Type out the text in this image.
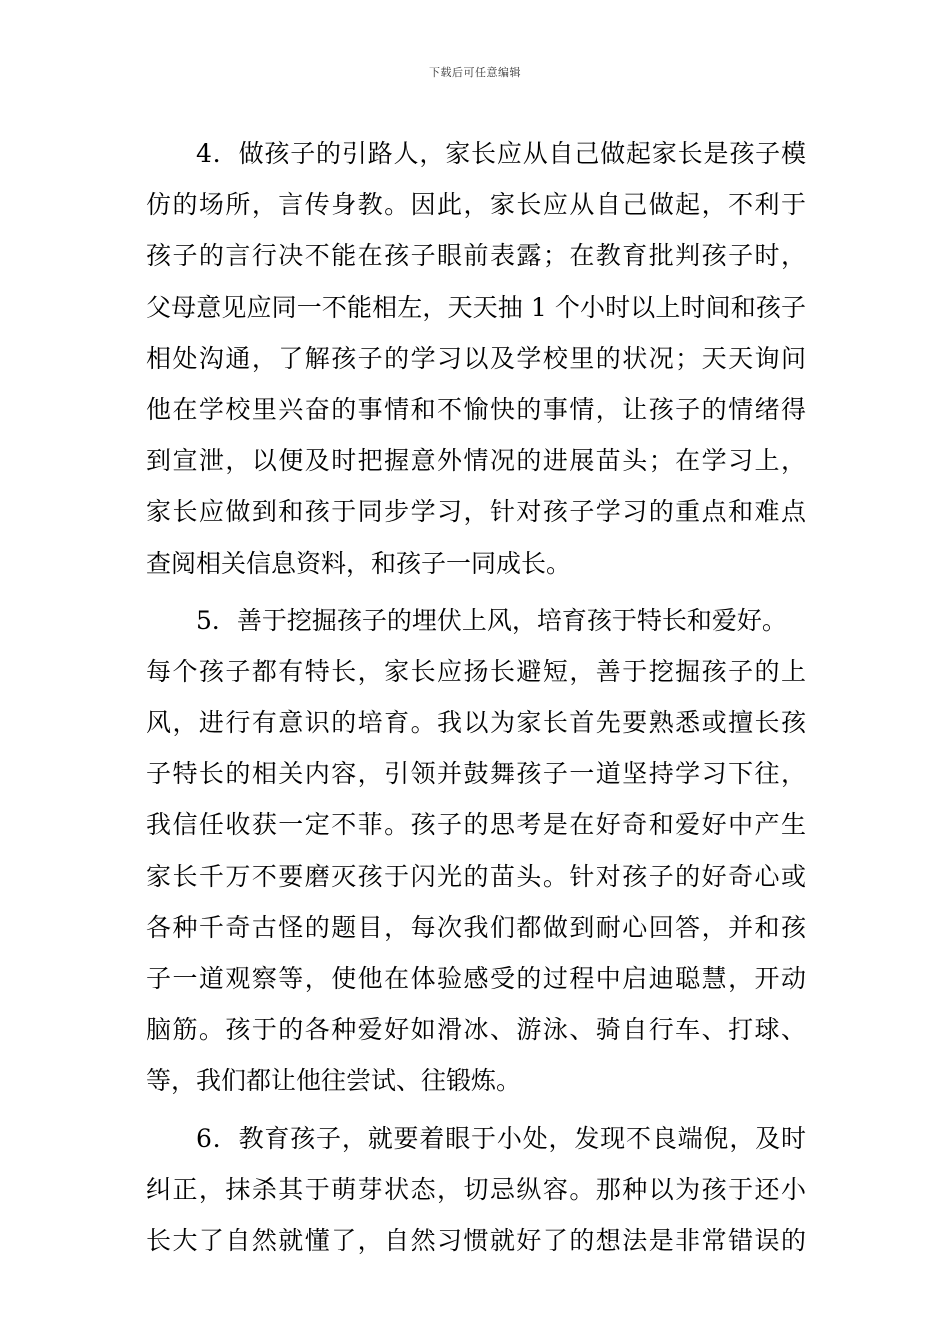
下载后可任意编辑
4．做孩子的引路人，家长应从自己做起家长是孩子模
仿的场所，言传身教。因此，家长应从自己做起，不利于
孩子的言行决不能在孩子眼前表露；在教育批判孩子时，
父母意见应同一不能相左，天天抽 1 个小时以上时间和孩子
相处沟通，了解孩子的学习以及学校里的状况；天天询问
他在学校里兴奋的事情和不愉快的事情，让孩子的情绪得
到宣泄，以便及时把握意外情况的进展苗头；在学习上，
家长应做到和孩于同步学习，针对孩子学习的重点和难点
查阅相关信息资料，和孩子一同成长。
5．善于挖掘孩子的埋伏上风，培育孩于特长和爱好。
每个孩子都有特长，家长应扬长避短，善于挖掘孩子的上
风，进行有意识的培育。我以为家长首先要熟悉或擅长孩
子特长的相关内容，引领并鼓舞孩子一道坚持学习下往，
我信任收获一定不菲。孩子的思考是在好奇和爱好中产生
家长千万不要磨灭孩于闪光的苗头。针对孩子的好奇心或
各种千奇古怪的题目，每次我们都做到耐心回答，并和孩
子一道观察等，使他在体验感受的过程中启迪聪慧，开动
脑筋。孩于的各种爱好如滑冰、游泳、骑自行车、打球、
等，我们都让他往尝试、往锻炼。
6．教育孩子，就要着眼于小处，发现不良端倪，及时
纠正，抹杀其于萌芽状态，切忌纵容。那种以为孩于还小
长大了自然就懂了，自然习惯就好了的想法是非常错误的
